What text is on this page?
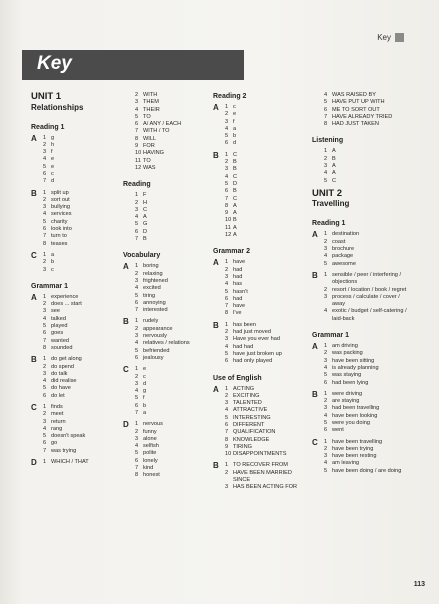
Key
Key
UNIT 1
Relationships
Reading 1
A 1 g
2 h
3 f
4 e
5 e
6 c
7 d
B 1 split up
2 sort out
3 bullying
4 services
5 charity
6 look into
7 turn to
8 teases
C 1 a
2 b
3 c
Grammar 1
A 1 experience
2 does ... start
3 see
4 talked
5 played
6 goes
7 wanted
8 sounded
B 1 do get along
2 do spend
3 do talk
4 did realise
5 do have
6 do let
C 1 finds
2 meet
3 return
4 rang
5 doesn't speak
6 go
7 was trying
D 1 WHICH / THAT
2 WITH
3 THEM
4 THEIR
5 TO
6 A/ ANY / EACH
7 WITH / TO
8 WILL
9 FOR
10 HAVING
11 TO
12 WAS
Reading
1 F
2 H
3 C
4 A
5 G
6 D
7 B
Vocabulary
A 1 boring
2 relaxing
3 frightened
4 excited
5 tiring
6 annoying
7 interested
B 1 rudely
2 appearance
3 nervously
4 relatives / relations
5 befriended
6 jealousy
C 1 e
2 c
3 d
4 g
5 f
6 b
7 a
D 1 nervous
2 funny
3 alone
4 selfish
5 polite
6 lonely
7 kind
8 honest
Reading 2
A 1 c
2 e
3 f
4 a
5 b
6 d
B 1 C
2 B
3 B
4 C
5 D
6 B
7 C
8 A
9 A
10 B
11 A
12 A
Grammar 2
A 1 have
2 had
3 had
4 has
5 hasn't
6 had
7 have
8 I've
B 1 has been
2 had just moved
3 Have you ever had
4 had had
5 have just broken up
6 had only played
Use of English
A 1 ACTING
2 EXCITING
3 TALENTED
4 ATTRACTIVE
5 INTERESTING
6 DIFFERENT
7 QUALIFICATION
8 KNOWLEDGE
9 TIRING
10 DISAPPOINTMENTS
B 1 TO RECOVER FROM
2 HAVE BEEN MARRIED SINCE
3 HAS BEEN ACTING FOR
4 WAS RAISED BY
5 HAVE PUT UP WITH
6 ME TO SORT OUT
7 HAVE ALREADY TRIED
8 HAD JUST TAKEN
Listening
1 A
2 B
3 A
4 A
5 C
UNIT 2
Travelling
Reading 1
A 1 destination
2 coast
3 brochure
4 package
5 awesome
B 1 sensible / peer / interfering / objections
2 resort / location / book / regret
3 process / calculate / cover / away
4 exotic / budget / self-catering / laid-back
Grammar 1
A 1 am driving
2 was packing
3 have been sitting
4 is already planning
5 was staying
6 had been lying
B 1 were driving
2 are staying
3 had been travelling
4 have been looking
5 were you doing
6 went
C 1 have been travelling
2 have been trying
3 have been resting
4 am leaving
5 have been doing / are doing
113
